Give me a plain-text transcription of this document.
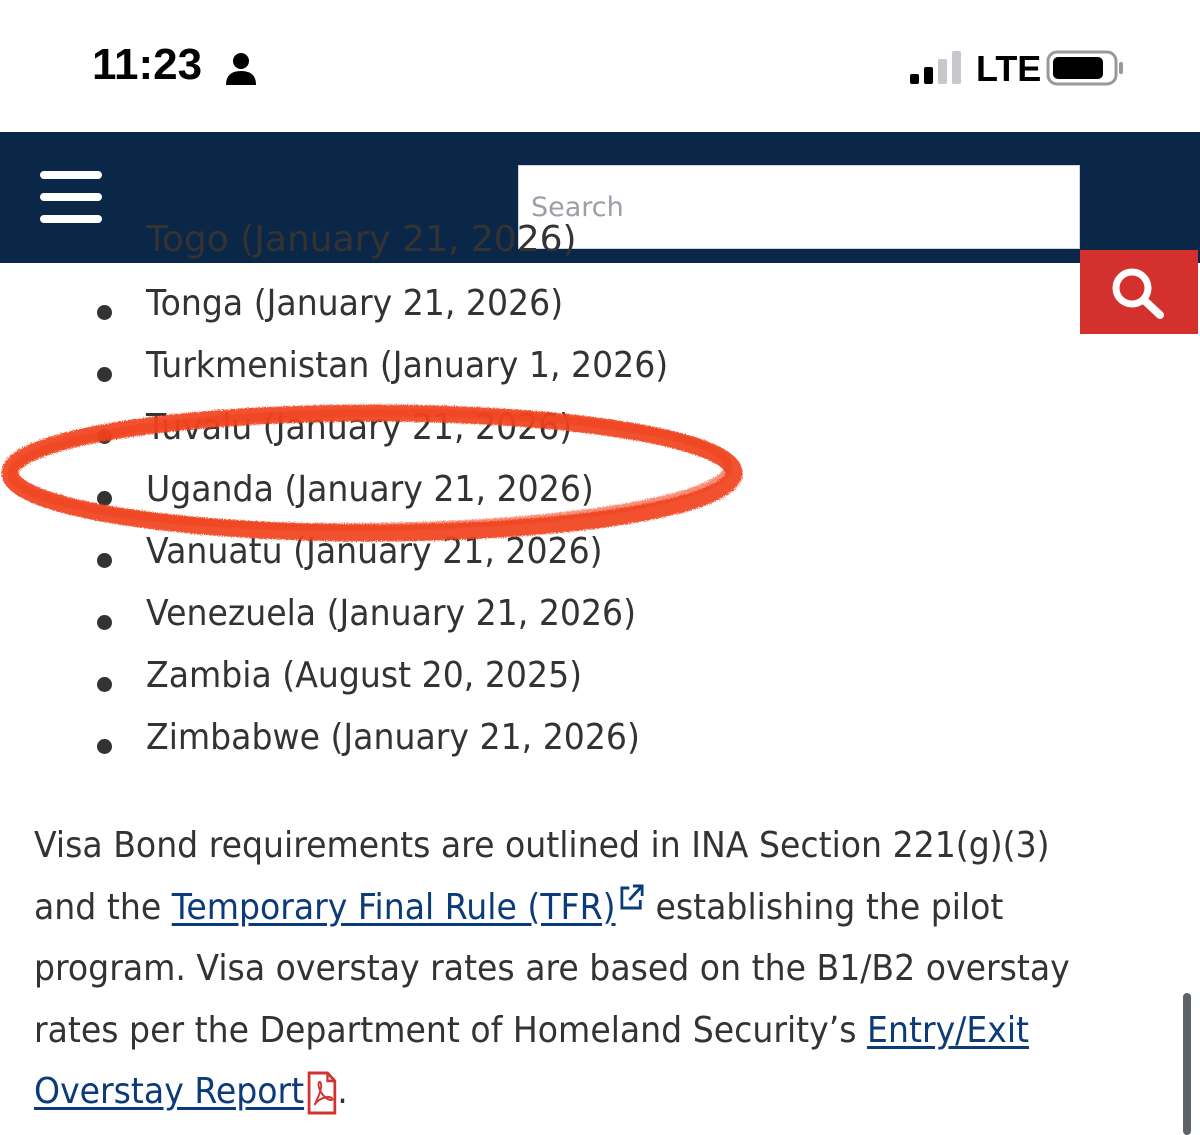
11:23	LTE
Search
Togo (January 21, 2026)
Tonga (January 21, 2026)
Turkmenistan (January 1, 2026)
Tuvalu (January 21, 2026)
Uganda (January 21, 2026)
Vanuatu (January 21, 2026)
Venezuela (January 21, 2026)
Zambia (August 20, 2025)
Zimbabwe (January 21, 2026)
Visa Bond requirements are outlined in INA Section 221(g)(3)
and the Temporary Final Rule (TFR) establishing the pilot
program. Visa overstay rates are based on the B1/B2 overstay
rates per the Department of Homeland Security’s Entry/Exit
Overstay Report .
